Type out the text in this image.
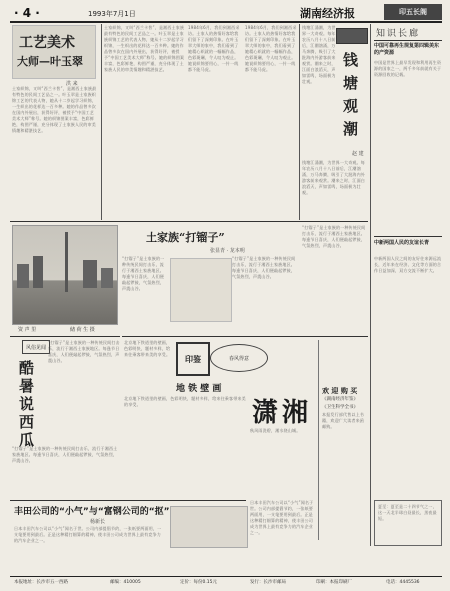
· 4 ·	1993年7月1日	湖南经济报	印五长阁
工艺美术
大师—叶玉翠
洪 来
土家织锦，又叫“西兰卡普”，是湘西土家族最有特色的民间工艺品之一。叶玉翠是土家族织锦工艺的代表人物，她从十二岁起学习织锦，一生织出的花样达一百多种。她的作品曾多次在国内外展出，获得好评，被授予“中国工艺美术大师”称号。她的织锦图案丰富，色彩鲜艳，构图严谨，充分体现了土家族人民的审美情趣和精湛技艺。
土家织锦，又叫“西兰卡普”，是湘西土家族最有特色的民间工艺品之一。叶玉翠是土家族织锦工艺的代表人物，她从十二岁起学习织锦，一生织出的花样达一百多种。她的作品曾多次在国内外展出，获得好评，被授予“中国工艺美术大师”称号。她的织锦图案丰富，色彩鲜艳，构图严谨，充分体现了土家族人民的审美情趣和精湛技艺。
1984年6月，我们到湘西采访。土家人的热情好客给我们留下了深刻印象。在叶玉翠大师的家中，我们看到了她精心织就的一幅幅作品，色彩斑斓，令人叹为观止。她说织锦要用心，一针一线都不能马虎。
1984年6月，我们到湘西采访。土家人的热情好客给我们留下了深刻印象。在叶玉翠大师的家中，我们看到了她精心织就的一幅幅作品，色彩斑斓，令人叹为观止。她说织锦要用心，一针一线都不能马虎。	钱塘观潮
钱塘江涌潮，为世界一大奇观。每年农历八月十八日前后，江潮汹涌，万马奔腾，吸引了大批海内外游客前来观赏。潮来之时，江面白浪滔天，声如雷鸣，场面极为壮观。
钱塘江涌潮，为世界一大奇观。每年农历八月十八日前后，江潮汹涌，万马奔腾，吸引了大批海内外游客前来观赏。潮来之时，江面白浪滔天，声如雷鸣，场面极为壮观。
赵 建
知识长廊
中国可靠再生规复第四辑美东的产资源
中国是世界上最早发现和利用再生资源的国家之一，两千多年前就有关于资源回收的记载。
中新两国人民的友谊长青
中新两国人民之间的友好往来源远流长，近年来在经济、文化等方面的合作日益加深，双方交流不断扩大。
夏至：夏至是二十四节气之一，这一天北半球白昼最长，黑夜最短。
资 声 里	储 荷 生 摄
土家族“打镏子”
张显青 · 龙本明
“打镏子”是土家族的一种传统民间打击乐，流行于湘西土家族地区。每逢节日喜庆，人们便敲起锣鼓，气氛热烈，声震山谷。
“打镏子”是土家族的一种传统民间打击乐，流行于湘西土家族地区。每逢节日喜庆，人们便敲起锣鼓，气氛热烈，声震山谷。
“打镏子”是土家族的一种传统民间打击乐，流行于湘西土家族地区。每逢节日喜庆，人们便敲起锣鼓，气氛热烈，声震山谷。
风俗见闻
酷暑说西瓜
“打镏子”是土家族的一种传统民间打击乐，流行于湘西土家族地区。每逢节日喜庆，人们便敲起锣鼓，气氛热烈，声震山谷。
“打镏子”是土家族的一种传统民间打击乐，流行于湘西土家族地区。每逢节日喜庆，人们便敲起锣鼓，气氛热烈，声震山谷。
北京地下铁道里的壁画，色彩明快，题材多样，给来往乘客带来美的享受。 印鉴	春风得意
地 铁 壁 画
北京地下铁道里的壁画，色彩明快，题材多样，给来往乘客带来美的享受。	潇湘
秋风雨洗碧，湘水绕山城。
欢 迎 购 买
《湖南经济年鉴》
《卫生科学全书》
本报发行部代售以上书籍，欢迎广大读者来函邮购。
丰田公司的“小气”与“富钢公司的“抠”
杨新长
日本丰田汽车公司以“小气”闻名于世。公司内部提倡节约，一张纸要两面用，一支笔要用到最后。正是这种精打细算的精神，使丰田公司成为世界上最有竞争力的汽车企业之一。
日本丰田汽车公司以“小气”闻名于世。公司内部提倡节约，一张纸要两面用，一支笔要用到最后。正是这种精打细算的精神，使丰田公司成为世界上最有竞争力的汽车企业之一。
本报地址：长沙市五一西路	邮编：410005	定价：每份0.15元	发行：长沙市邮局	印刷：本报印刷厂	电话：4445536
